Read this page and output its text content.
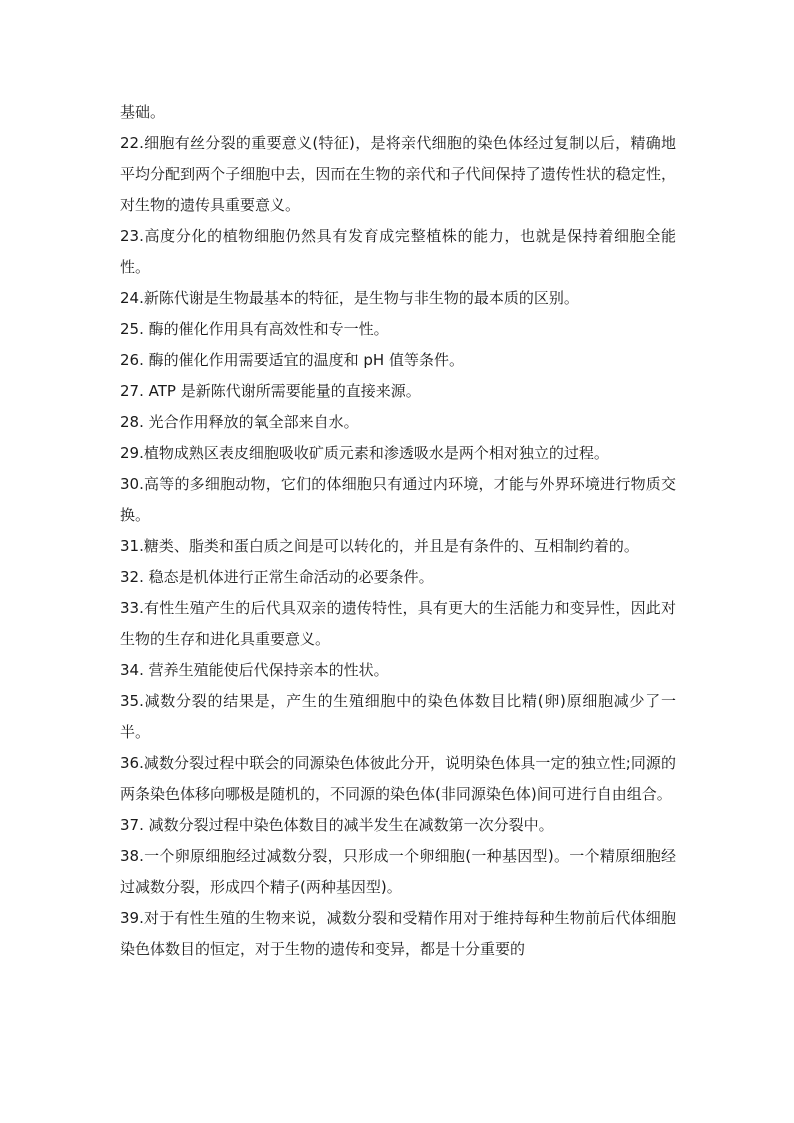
基础。

22.细胞有丝分裂的重要意义(特征)，是将亲代细胞的染色体经过复制以后，精确地平均分配到两个子细胞中去，因而在生物的亲代和子代间保持了遗传性状的稳定性，对生物的遗传具重要意义。

23.高度分化的植物细胞仍然具有发育成完整植株的能力，也就是保持着细胞全能性。

24.新陈代谢是生物最基本的特征，是生物与非生物的最本质的区别。

25. 酶的催化作用具有高效性和专一性。

26. 酶的催化作用需要适宜的温度和 pH 值等条件。

27. ATP 是新陈代谢所需要能量的直接来源。

28. 光合作用释放的氧全部来自水。

29.植物成熟区表皮细胞吸收矿质元素和渗透吸水是两个相对独立的过程。

30.高等的多细胞动物，它们的体细胞只有通过内环境，才能与外界环境进行物质交换。

31.糖类、脂类和蛋白质之间是可以转化的，并且是有条件的、互相制约着的。

32. 稳态是机体进行正常生命活动的必要条件。

33.有性生殖产生的后代具双亲的遗传特性，具有更大的生活能力和变异性，因此对生物的生存和进化具重要意义。

34. 营养生殖能使后代保持亲本的性状。

35.减数分裂的结果是，产生的生殖细胞中的染色体数目比精(卵)原细胞减少了一半。

36.减数分裂过程中联会的同源染色体彼此分开，说明染色体具一定的独立性;同源的两条染色体移向哪极是随机的，不同源的染色体(非同源染色体)间可进行自由组合。

37. 减数分裂过程中染色体数目的减半发生在减数第一次分裂中。

38.一个卵原细胞经过减数分裂，只形成一个卵细胞(一种基因型)。一个精原细胞经过减数分裂，形成四个精子(两种基因型)。

39.对于有性生殖的生物来说，减数分裂和受精作用对于维持每种生物前后代体细胞染色体数目的恒定，对于生物的遗传和变异，都是十分重要的
